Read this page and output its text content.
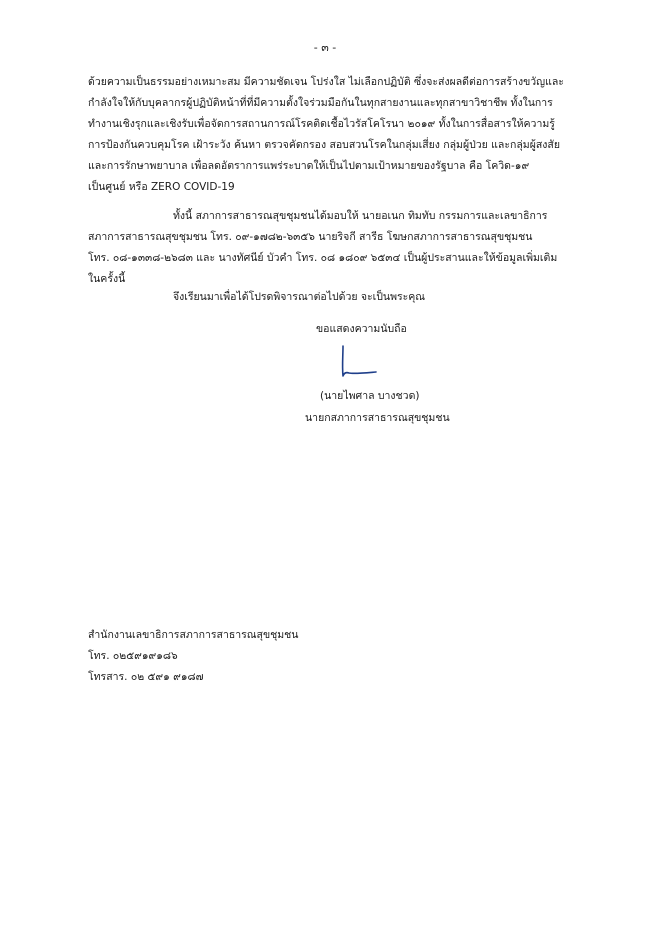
- ๓ -
ด้วยความเป็นธรรมอย่างเหมาะสม มีความชัดเจน โปร่งใส ไม่เลือกปฏิบัติ ซึ่งจะส่งผลดีต่อการสร้างขวัญและ
กำลังใจให้กับบุคลากรผู้ปฏิบัติหน้าที่ที่มีความตั้งใจร่วมมือกันในทุกสายงานและทุกสาขาวิชาชีพ ทั้งในการ
ทำงานเชิงรุกและเชิงรับเพื่อจัดการสถานการณ์โรคติดเชื้อไวรัสโคโรนา ๒๐๑๙ ทั้งในการสื่อสารให้ความรู้
การป้องกันควบคุมโรค เฝ้าระวัง ค้นหา ตรวจคัดกรอง สอบสวนโรคในกลุ่มเสี่ยง กลุ่มผู้ป่วย และกลุ่มผู้สงสัย
และการรักษาพยาบาล เพื่อลดอัตราการแพร่ระบาดให้เป็นไปตามเป้าหมายของรัฐบาล คือ โควิด-๑๙
เป็นศูนย์ หรือ ZERO COVID-19
ทั้งนี้ สภาการสาธารณสุขชุมชนได้มอบให้ นายอเนก ทิมทับ กรรมการและเลขาธิการ
สภาการสาธารณสุขชุมชน โทร. ๐๙-๑๗๘๒-๖๓๕๖ นายริจกี สารีธ โฆษกสภาการสาธารณสุขชุมชน
โทร. ๐๘-๑๓๓๘-๒๖๘๓ และ นางทัศนีย์ บัวคำ โทร. ๐๘ ๑๘๐๙ ๖๕๓๔ เป็นผู้ประสานและให้ข้อมูลเพิ่มเติม
ในครั้งนี้
จึงเรียนมาเพื่อได้โปรดพิจารณาต่อไปด้วย จะเป็นพระคุณ
ขอแสดงความนับถือ
(นายไพศาล บางชวด)
นายกสภาการสาธารณสุขชุมชน
สำนักงานเลขาธิการสภาการสาธารณสุขชุมชน
โทร. ๐๒๕๙๑๙๑๘๖
โทรสาร. ๐๒ ๕๙๑ ๙๑๘๗
